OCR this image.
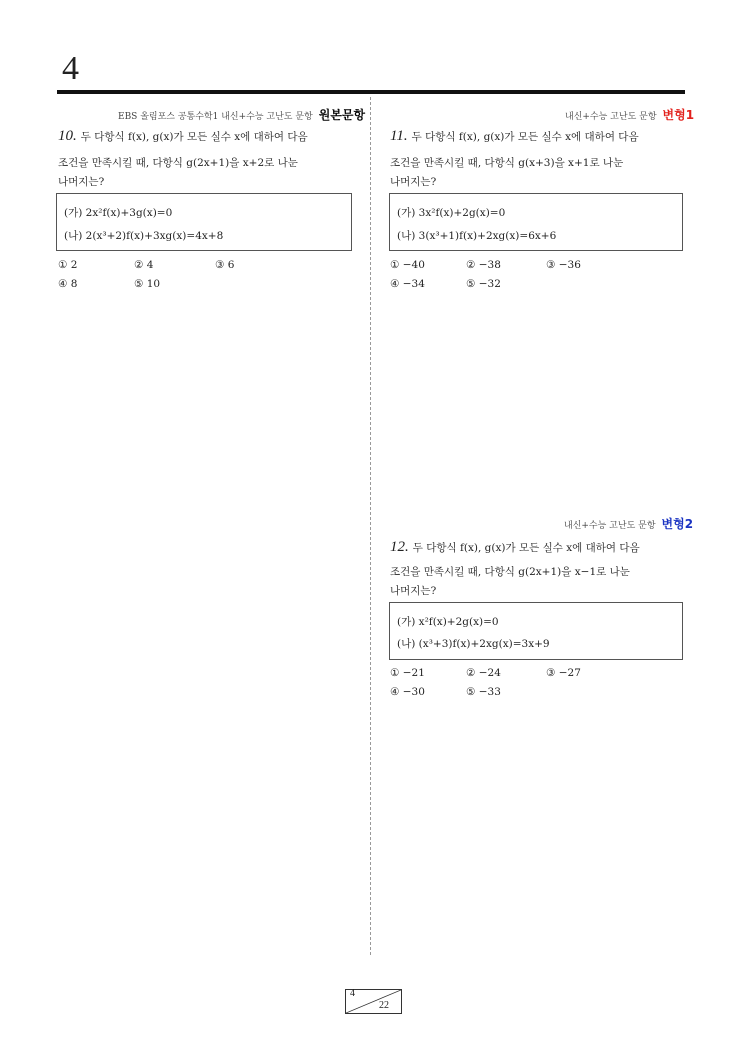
4
EBS 올림포스 공통수학1 내신+수능 고난도 문항 원본문항
10. 두 다항식 f(x), g(x)가 모든 실수 x에 대하여 다음
조건을 만족시킬 때, 다항식 g(2x+1)을 x+2로 나눈
나머지는?
(가) 2x²f(x)+3g(x)=0
(나) 2(x³+2)f(x)+3xg(x)=4x+8
① 2	② 4	③ 6
④ 8	⑤ 10
내신+수능 고난도 문항 변형1
11. 두 다항식 f(x), g(x)가 모든 실수 x에 대하여 다음
조건을 만족시킬 때, 다항식 g(x+3)을 x+1로 나눈
나머지는?
(가) 3x²f(x)+2g(x)=0
(나) 3(x³+1)f(x)+2xg(x)=6x+6
① −40	② −38	③ −36
④ −34	⑤ −32
내신+수능 고난도 문항 변형2
12. 두 다항식 f(x), g(x)가 모든 실수 x에 대하여 다음
조건을 만족시킬 때, 다항식 g(2x+1)을 x−1로 나눈
나머지는?
(가) x²f(x)+2g(x)=0
(나) (x³+3)f(x)+2xg(x)=3x+9
① −21	② −24	③ −27
④ −30	⑤ −33
4
22
